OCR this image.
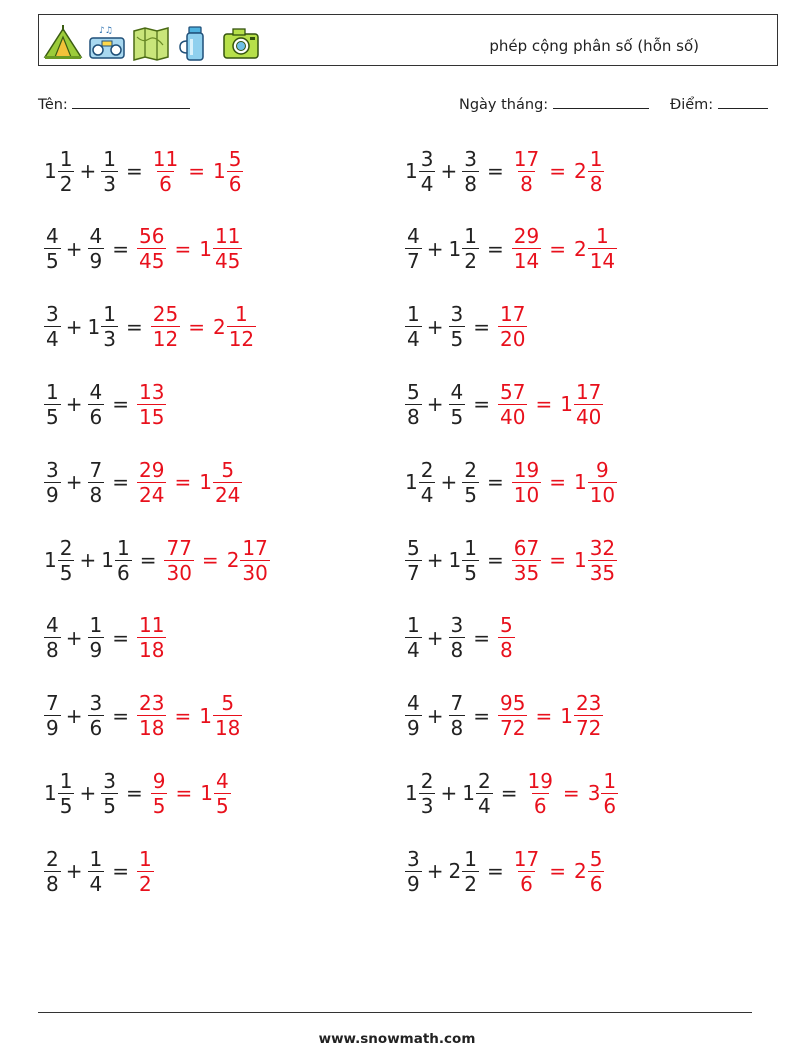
♪♫
phép cộng phân số (hỗn số)
Tên:	Ngày tháng:	Điểm:
$1 \frac{1}{2} + \frac{1}{3} = \frac{11}{6} = 1 \frac{5}{6}$	$1 \frac{3}{4} + \frac{3}{8} = \frac{17}{8} = 2 \frac{1}{8}$
$\frac{4}{5} + \frac{4}{9} = \frac{56}{45} = 1 \frac{11}{45}$	$\frac{4}{7} + 1 \frac{1}{2} = \frac{29}{14} = 2 \frac{1}{14}$
$\frac{3}{4} + 1 \frac{1}{3} = \frac{25}{12} = 2 \frac{1}{12}$	$\frac{1}{4} + \frac{3}{5} = \frac{17}{20}$
$\frac{1}{5} + \frac{4}{6} = \frac{13}{15}$	$\frac{5}{8} + \frac{4}{5} = \frac{57}{40} = 1 \frac{17}{40}$
$\frac{3}{9} + \frac{7}{8} = \frac{29}{24} = 1 \frac{5}{24}$	$1 \frac{2}{4} + \frac{2}{5} = \frac{19}{10} = 1 \frac{9}{10}$
$1 \frac{2}{5} + 1 \frac{1}{6} = \frac{77}{30} = 2 \frac{17}{30}$	$\frac{5}{7} + 1 \frac{1}{5} = \frac{67}{35} = 1 \frac{32}{35}$
$\frac{4}{8} + \frac{1}{9} = \frac{11}{18}$	$\frac{1}{4} + \frac{3}{8} = \frac{5}{8}$
$\frac{7}{9} + \frac{3}{6} = \frac{23}{18} = 1 \frac{5}{18}$	$\frac{4}{9} + \frac{7}{8} = \frac{95}{72} = 1 \frac{23}{72}$
$1 \frac{1}{5} + \frac{3}{5} = \frac{9}{5} = 1 \frac{4}{5}$	$1 \frac{2}{3} + 1 \frac{2}{4} = \frac{19}{6} = 3 \frac{1}{6}$
$\frac{2}{8} + \frac{1}{4} = \frac{1}{2}$	$\frac{3}{9} + 2 \frac{1}{2} = \frac{17}{6} = 2 \frac{5}{6}$
www.snowmath.com
